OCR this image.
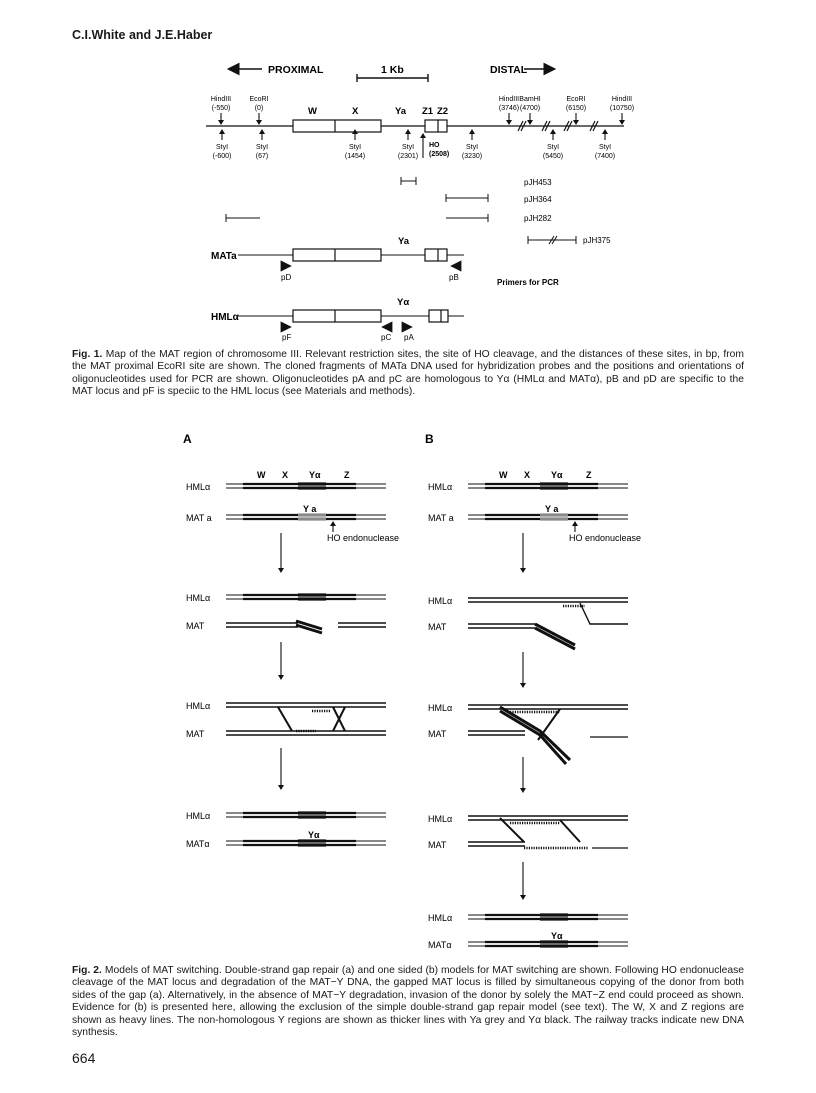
C.I.White and J.E.Haber
PROXIMAL	1 Kb	DISTAL
W	X	Ya Z1 Z2
HindIII
(-550)
EcoRI
(0)
HindIII
(3746)
BamHI
(4700)
EcoRI
(6150)
HindIII
(10750)
StyI
(-600)
StyI
(67)
StyI
(1454)
StyI
(2301)
HO
(2508)
StyI
(3230)
StyI
(5450)
StyI
(7400)
pJH453
pJH364
pJH282
pJH375
MATa
Ya
pD	pB
Primers for PCR
HMLα
Yα
pF	pC pA
Fig. 1. Map of the MAT region of chromosome III. Relevant restriction sites, the site of HO cleavage, and the distances of these sites, in bp, from the MAT proximal EcoRI site are shown. The cloned fragments of MATa DNA used for hybridization probes and the positions and orientations of oligonucleotides used for PCR are shown. Oligonucleotides pA and pC are homologous to Yα (HMLα and MATα), pB and pD are specific to the MAT locus and pF is speciic to the HML locus (see Materials and methods).
A	B
W X Yα	Z
HMLα
Y a
MAT a
HO endonuclease
HMLα
MAT
HMLα
MAT
HMLα
Yα
MATα
W X Yα	Z
HMLα
Y a
MAT a
HO endonuclease
HMLα
MAT
HMLα
MAT
HMLα
MAT
HMLα
Yα
MATα
Fig. 2. Models of MAT switching. Double-strand gap repair (a) and one sided (b) models for MAT switching are shown. Following HO endonuclease cleavage of the MAT locus and degradation of the MAT−Y DNA, the gapped MAT locus is filled by simultaneous copying of the donor from both sides of the gap (a). Alternatively, in the absence of MAT−Y degradation, invasion of the donor by solely the MAT−Z end could proceed as shown. Evidence for (b) is presented here, allowing the exclusion of the simple double-strand gap repair model (see text). The W, X and Z regions are shown as heavy lines. The non-homologous Y regions are shown as thicker lines with Ya grey and Yα black. The railway tracks indicate new DNA synthesis.
664
